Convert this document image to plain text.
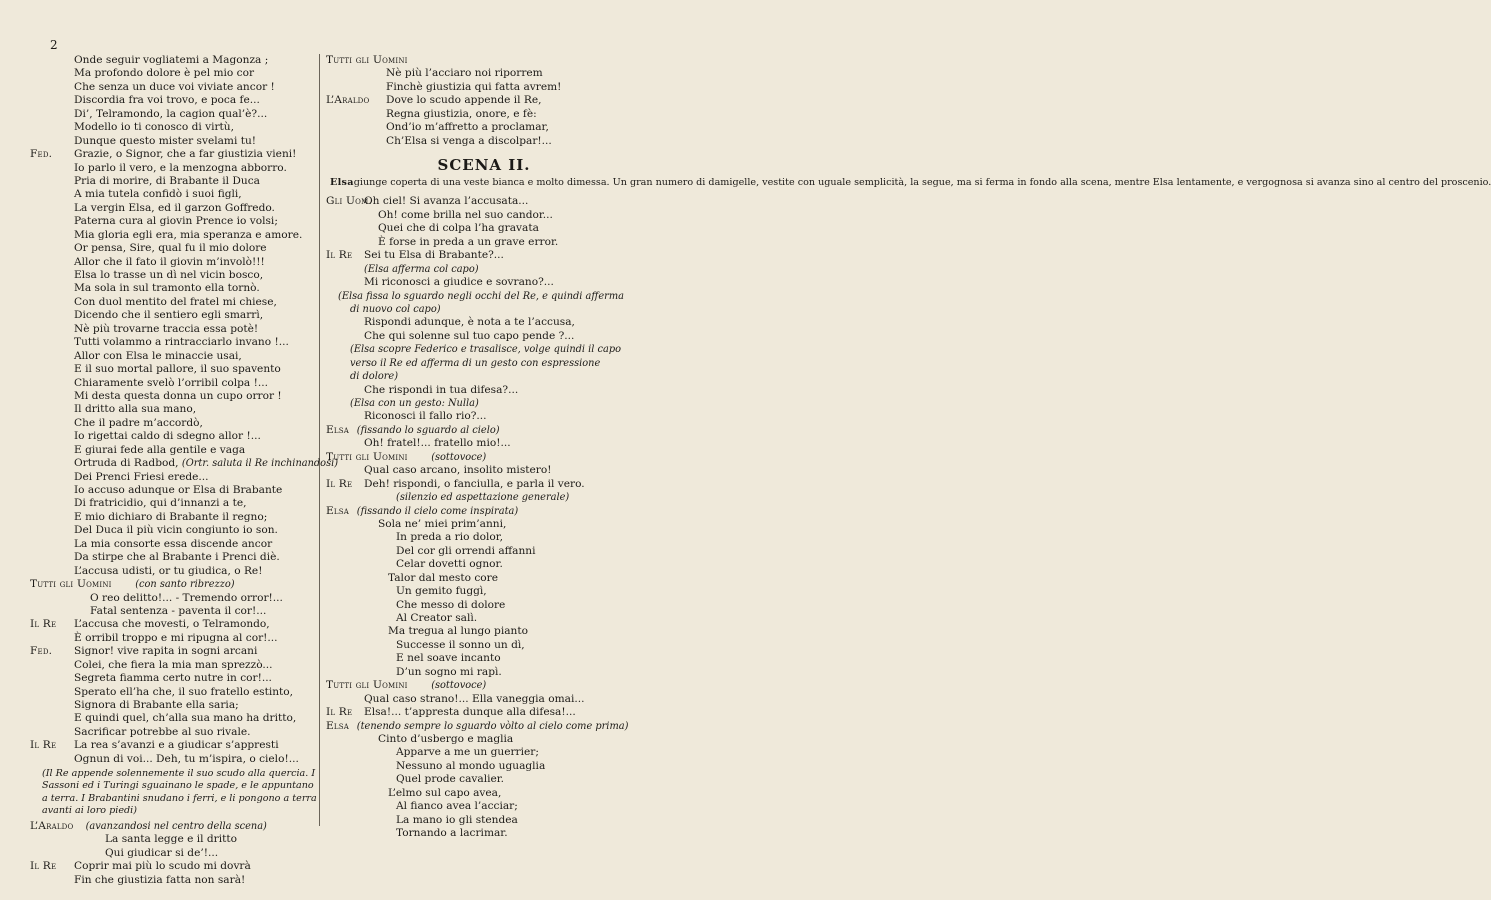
2
Onde seguir vogliatemi a Magonza ;
Ma profondo dolore è pel mio cor
Che senza un duce voi viviate ancor !
Discordia fra voi trovo, e poca fe...
Di’, Telramondo, la cagion qual’è?...
Modello io ti conosco di virtù,
Dunque questo mister svelami tu!
Fed. Grazie, o Signor, che a far giustizia vieni!
Io parlo il vero, e la menzogna abborro.
Pria di morire, di Brabante il Duca
A mia tutela confidò i suoi figli,
La vergin Elsa, ed il garzon Goffredo.
Paterna cura al giovin Prence io volsi;
Mia gloria egli era, mia speranza e amore.
Or pensa, Sire, qual fu il mio dolore
Allor che il fato il giovin m’involò!!!
Elsa lo trasse un dì nel vicin bosco,
Ma sola in sul tramonto ella tornò.
Con duol mentito del fratel mi chiese,
Dicendo che il sentiero egli smarrì,
Nè più trovarne traccia essa potè!
Tutti volammo a rintracciarlo invano !...
Allor con Elsa le minaccie usai,
E il suo mortal pallore, il suo spavento
Chiaramente svelò l’orribil colpa !...
Mi desta questa donna un cupo orror !
Il dritto alla sua mano,
Che il padre m’accordò,
Io rigettai caldo di sdegno allor !...
E giurai fede alla gentile e vaga
Ortruda di Radbod, (Ortr. saluta il Re inchinandosi)
Dei Prenci Friesi erede...
Io accuso adunque or Elsa di Brabante
Di fratricidio, qui d’innanzi a te,
E mio dichiaro di Brabante il regno;
Del Duca il più vicin congiunto io son.
La mia consorte essa discende ancor
Da stirpe che al Brabante i Prenci diè.
L’accusa udisti, or tu giudica, o Re!
Tutti gli Uomini (con santo ribrezzo)
O reo delitto!... - Tremendo orror!...
Fatal sentenza - paventa il cor!...
Il Re L’accusa che movesti, o Telramondo,
È orribil troppo e mi ripugna al cor!...
Fed. Signor! vive rapita in sogni arcani
Colei, che fiera la mia man sprezzò...
Segreta fiamma certo nutre in cor!...
Sperato ell’ha che, il suo fratello estinto,
Signora di Brabante ella saria;
E quindi quel, ch’alla sua mano ha dritto,
Sacrificar potrebbe al suo rivale.
Il Re La rea s’avanzi e a giudicar s’appresti
Ognun di voi... Deh, tu m’ispira, o cielo!...
(Il Re appende solennemente il suo scudo alla quercia. I Sassoni ed i Turingi sguainano le spade, e le appuntano a terra. I Brabantini snudano i ferri, e li pongono a terra avanti ai loro piedi)
L’Araldo (avanzandosi nel centro della scena)
La santa legge e il dritto
Qui giudicar si de’!...
Il Re Coprir mai più lo scudo mi dovrà
Fin che giustizia fatta non sarà!
Tutti gli Uomini
Nè più l’acciaro noi riporrem
Finchè giustizia qui fatta avrem!
L’Araldo Dove lo scudo appende il Re,
Regna giustizia, onore, e fè:
Ond’io m’affretto a proclamar,
Ch’Elsa si venga a discolpar!...
SCENA II.
Elsa giunge coperta di una veste bianca e molto dimessa. Un gran numero di damigelle, vestite con uguale semplicità, la segue, ma si ferma in fondo alla scena, mentre Elsa lentamente, e vergognosa si avanza sino al centro del proscenio.
Gli Uom.
Oh ciel! Si avanza l’accusata...
Oh! come brilla nel suo candor...
Quei che di colpa l’ha gravata
È forse in preda a un grave error.
Il Re Sei tu Elsa di Brabante?...
(Elsa afferma col capo)
Mi riconosci a giudice e sovrano?...
(Elsa fissa lo sguardo negli occhi del Re, e quindi afferma
di nuovo col capo)
Rispondi adunque, è nota a te l’accusa,
Che qui solenne sul tuo capo pende ?...
(Elsa scopre Federico e trasalisce, volge quindi il capo
verso il Re ed afferma di un gesto con espressione
di dolore)
Che rispondi in tua difesa?...
(Elsa con un gesto: Nulla)
Riconosci il fallo rio?...
Elsa (fissando lo sguardo al cielo)
Oh! fratel!... fratello mio!...
Tutti gli Uomini (sottovoce)
Qual caso arcano, insolito mistero!
Il Re Deh! rispondi, o fanciulla, e parla il vero.
(silenzio ed aspettazione generale)
Elsa (fissando il cielo come inspirata)
Sola ne’ miei prim’anni,
In preda a rio dolor,
Del cor gli orrendi affanni
Celar dovetti ognor.
Talor dal mesto core
Un gemito fuggì,
Che messo di dolore
Al Creator salì.
Ma tregua al lungo pianto
Successe il sonno un dì,
E nel soave incanto
D’un sogno mi rapì.
Tutti gli Uomini (sottovoce)
Qual caso strano!... Ella vaneggia omai...
Il Re Elsa!... t’appresta dunque alla difesa!...
Elsa (tenendo sempre lo sguardo vòlto al cielo come prima)
Cinto d’usbergo e maglia
Apparve a me un guerrier;
Nessuno al mondo uguaglia
Quel prode cavalier.
L’elmo sul capo avea,
Al fianco avea l’acciar;
La mano io gli stendea
Tornando a lacrimar.
